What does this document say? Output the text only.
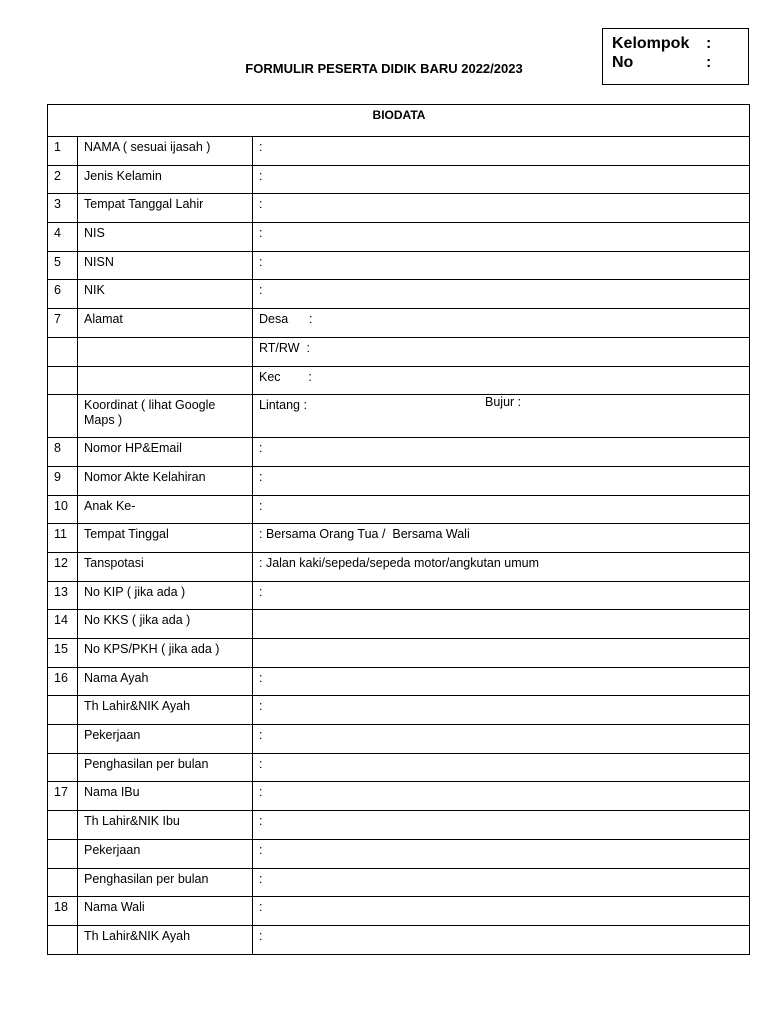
Kelompok :
No	:
FORMULIR PESERTA DIDIK BARU 2022/2023
BIODATA		
1	NAMA ( sesuai ijasah )	:
2	Jenis Kelamin	:
3	Tempat Tanggal Lahir	:
4	NIS	:
5	NISN	:
6	NIK	:
7	Alamat	Desa      :
		RT/RW  :
		Kec        :
	Koordinat ( lihat Google Maps )	Lintang : Bujur :

8	Nomor HP&Email	:
9	Nomor Akte Kelahiran	:
10	Anak Ke-	:
11	Tempat Tinggal	: Bersama Orang Tua /  Bersama Wali
12	Tanspotasi	: Jalan kaki/sepeda/sepeda motor/angkutan umum
13	No KIP ( jika ada )	:
14	No KKS ( jika ada )	
15	No KPS/PKH ( jika ada )	
16	Nama Ayah	:
	Th Lahir&NIK Ayah	:
	Pekerjaan	:
	Penghasilan per bulan	:
17	Nama IBu	:
	Th Lahir&NIK Ibu	:
	Pekerjaan	:
	Penghasilan per bulan	:
18	Nama Wali	:
	Th Lahir&NIK Ayah	:
